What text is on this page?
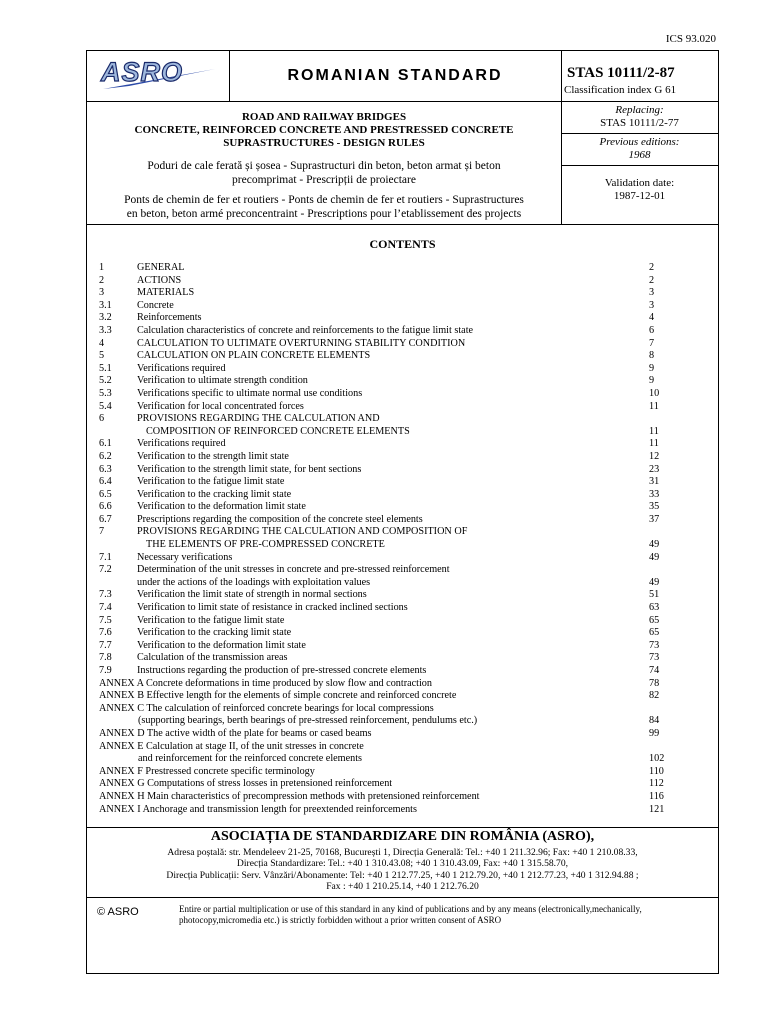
ICS 93.020
ASRO	ROMANIAN STANDARD	STAS 10111/2-87
Classification index G 61
ROAD AND RAILWAY BRIDGES
CONCRETE, REINFORCED CONCRETE AND PRESTRESSED CONCRETE
SUPRASTRUCTURES - DESIGN RULES
Poduri de cale ferată și șosea - Suprastructuri din beton, beton armat și beton
precomprimat - Prescripții de proiectare
Ponts de chemin de fer et routiers - Ponts de chemin de fer et routiers - Suprastructures
en beton, beton armé preconcentraint - Prescriptions pour l’etablissement des projects
Replacing:
STAS 10111/2-77
Previous editions:
1968
Validation date:
1987-12-01
CONTENTS
1	GENERAL	2
2	ACTIONS	2
3	MATERIALS	3
3.1 Concrete	3
3.2 Reinforcements	4
3.3 Calculation characteristics of concrete and reinforcements to the fatigue limit state	6
4	CALCULATION TO ULTIMATE OVERTURNING STABILITY CONDITION	7
5	CALCULATION ON PLAIN CONCRETE ELEMENTS	8
5.1 Verifications required	9
5.2 Verification to ultimate strength condition	9
5.3 Verifications specific to ultimate normal use conditions	10
5.4 Verification for local concentrated forces	11
6	PROVISIONS REGARDING THE CALCULATION AND
COMPOSITION OF REINFORCED CONCRETE ELEMENTS	11
6.1 Verifications required	11
6.2 Verification to the strength limit state	12
6.3 Verification to the strength limit state, for bent sections	23
6.4 Verification to the fatigue limit state	31
6.5 Verification to the cracking limit state	33
6.6 Verification to the deformation limit state	35
6.7 Prescriptions regarding the composition of the concrete steel elements	37
7	PROVISIONS REGARDING THE CALCULATION AND COMPOSITION OF
THE ELEMENTS OF PRE-COMPRESSED CONCRETE	49
7.1 Necessary verifications	49
7.2 Determination of the unit stresses in concrete and pre-stressed reinforcement
under the actions of the loadings with exploitation values	49
7.3 Verification the limit state of strength in normal sections	51
7.4 Verification to limit state of resistance in cracked inclined sections	63
7.5 Verification to the fatigue limit state	65
7.6 Verification to the cracking limit state	65
7.7 Verification to the deformation limit state	73
7.8 Calculation of the transmission areas	73
7.9 Instructions regarding the production of pre-stressed concrete elements	74
ANNEX A Concrete deformations in time produced by slow flow and contraction	78
ANNEX B Effective length for the elements of simple concrete and reinforced concrete	82
ANNEX C The calculation of reinforced concrete bearings for local compressions
(supporting bearings, berth bearings of pre-stressed reinforcement, pendulums etc.)	84
ANNEX D The active width of the plate for beams or cased beams	99
ANNEX E Calculation at stage II, of the unit stresses in concrete
and reinforcement for the reinforced concrete elements	102
ANNEX F Prestressed concrete specific terminology	110
ANNEX G Computations of stress losses in pretensioned reinforcement	112
ANNEX H Main characteristics of precompression methods with pretensioned reinforcement	116
ANNEX I Anchorage and transmission length for preextended reinforcements	121
ASOCIAȚIA DE STANDARDIZARE DIN ROMÂNIA (ASRO),
Adresa poștală: str. Mendeleev 21-25, 70168, București 1, Direcția Generală: Tel.: +40 1 211.32.96; Fax: +40 1 210.08.33,
Direcția Standardizare: Tel.: +40 1 310.43.08; +40 1 310.43.09, Fax: +40 1 315.58.70,
Direcția Publicații: Serv. Vânzări/Abonamente: Tel: +40 1 212.77.25, +40 1 212.79.20, +40 1 212.77.23, +40 1 312.94.88 ;
Fax : +40 1 210.25.14, +40 1 212.76.20
© ASRO	Entire or partial multiplication or use of this standard in any kind of publications and by any means (electronically,mechanically, photocopy,micromedia etc.) is strictly forbidden without a prior written consent of ASRO
